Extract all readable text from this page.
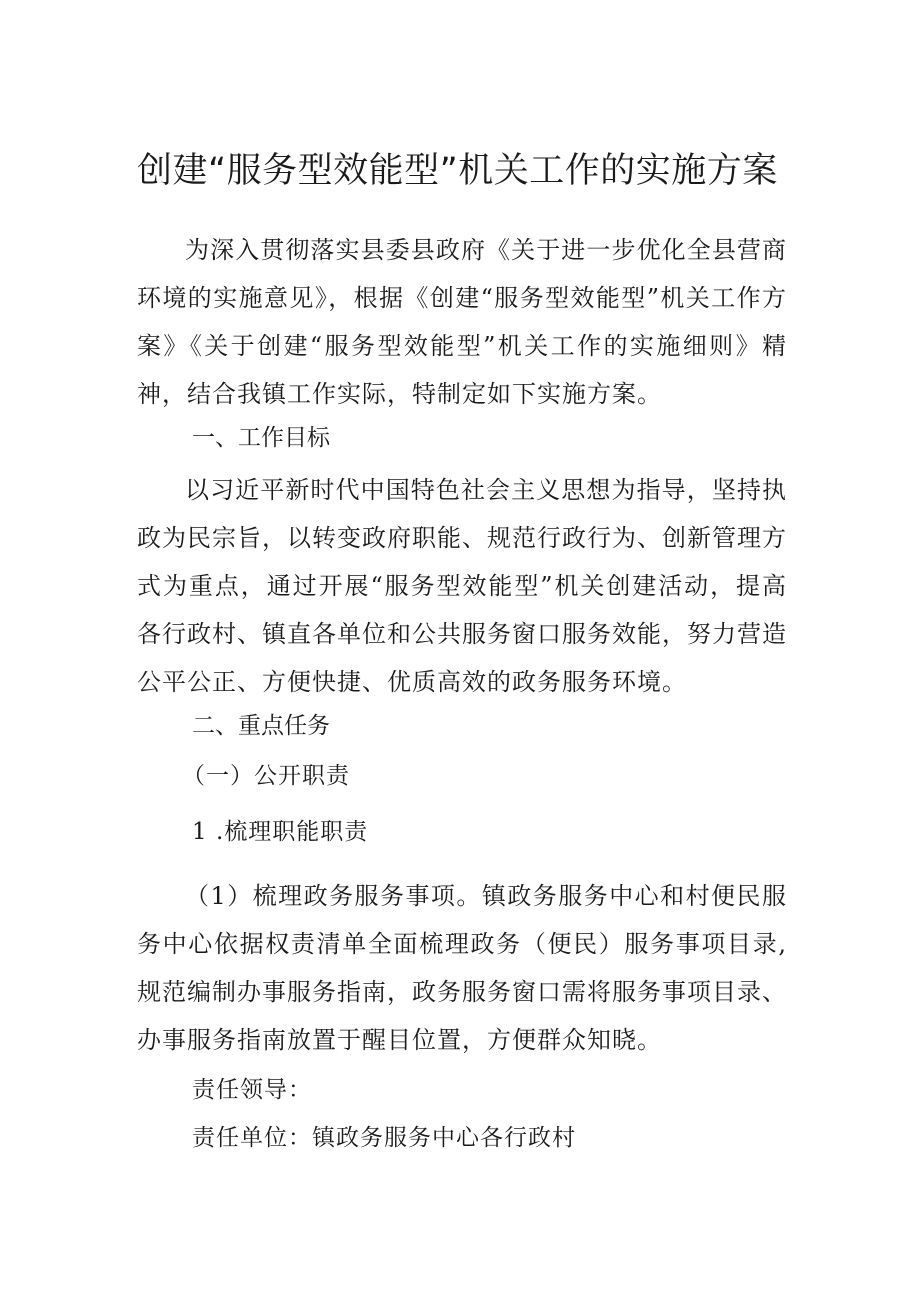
创建“服务型效能型”机关工作的实施方案

为深入贯彻落实县委县政府《关于进一步优化全县营商环境的实施意见》，根据《创建“服务型效能型”机关工作方案》《关于创建“服务型效能型”机关工作的实施细则》精神，结合我镇工作实际，特制定如下实施方案。

一、工作目标

以习近平新时代中国特色社会主义思想为指导，坚持执政为民宗旨，以转变政府职能、规范行政行为、创新管理方式为重点，通过开展“服务型效能型”机关创建活动，提高各行政村、镇直各单位和公共服务窗口服务效能，努力营造公平公正、方便快捷、优质高效的政务服务环境。

二、重点任务

（一）公开职责

1 .梳理职能职责

（1）梳理政务服务事项。镇政务服务中心和村便民服务中心依据权责清单全面梳理政务（便民）服务事项目录,规范编制办事服务指南，政务服务窗口需将服务事项目录、办事服务指南放置于醒目位置，方便群众知晓。

责任领导：

责任单位：镇政务服务中心各行政村
